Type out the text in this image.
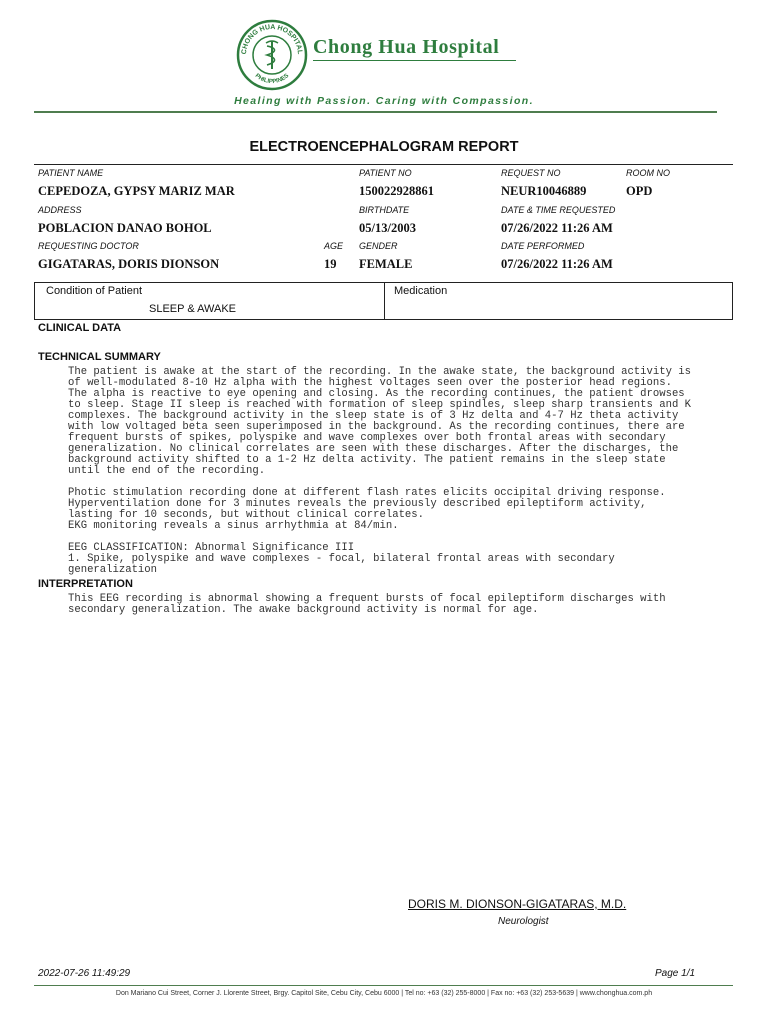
CHONG HUA HOSPITAL
PHILIPPINES
Chong Hua Hospital
Healing with Passion. Caring with Compassion.
ELECTROENCEPHALOGRAM REPORT
PATIENT NAME	PATIENT NO	REQUEST NO	ROOM NO
CEPEDOZA, GYPSY MARIZ MAR	150022928861	NEUR10046889	OPD
ADDRESS	BIRTHDATE	DATE & TIME REQUESTED
POBLACION DANAO BOHOL	05/13/2003	07/26/2022 11:26 AM
REQUESTING DOCTOR	AGE GENDER	DATE PERFORMED
GIGATARAS, DORIS DIONSON	19 FEMALE	07/26/2022 11:26 AM
Condition of Patient
SLEEP & AWAKE
Medication
CLINICAL DATA
TECHNICAL SUMMARY
The patient is awake at the start of the recording. In the awake state, the background activity is
of well-modulated 8-10 Hz alpha with the highest voltages seen over the posterior head regions.
The alpha is reactive to eye opening and closing. As the recording continues, the patient drowses
to sleep. Stage II sleep is reached with formation of sleep spindles, sleep sharp transients and K
complexes. The background activity in the sleep state is of 3 Hz delta and 4-7 Hz theta activity
with low voltaged beta seen superimposed in the background. As the recording continues, there are
frequent bursts of spikes, polyspike and wave complexes over both frontal areas with secondary
generalization. No clinical correlates are seen with these discharges. After the discharges, the
background activity shifted to a 1-2 Hz delta activity. The patient remains in the sleep state
until the end of the recording.
Photic stimulation recording done at different flash rates elicits occipital driving response.
Hyperventilation done for 3 minutes reveals the previously described epileptiform activity,
lasting for 10 seconds, but without clinical correlates.
EKG monitoring reveals a sinus arrhythmia at 84/min.
EEG CLASSIFICATION: Abnormal Significance III
1. Spike, polyspike and wave complexes - focal, bilateral frontal areas with secondary
generalization
INTERPRETATION
This EEG recording is abnormal showing a frequent bursts of focal epileptiform discharges with
secondary generalization. The awake background activity is normal for age.
DORIS M. DIONSON-GIGATARAS, M.D.
Neurologist
2022-07-26 11:49:29	Page 1/1
Don Mariano Cui Street, Corner J. Llorente Street, Brgy. Capitol Site, Cebu City, Cebu 6000 | Tel no: +63 (32) 255-8000 | Fax no: +63 (32) 253-5639 | www.chonghua.com.ph
